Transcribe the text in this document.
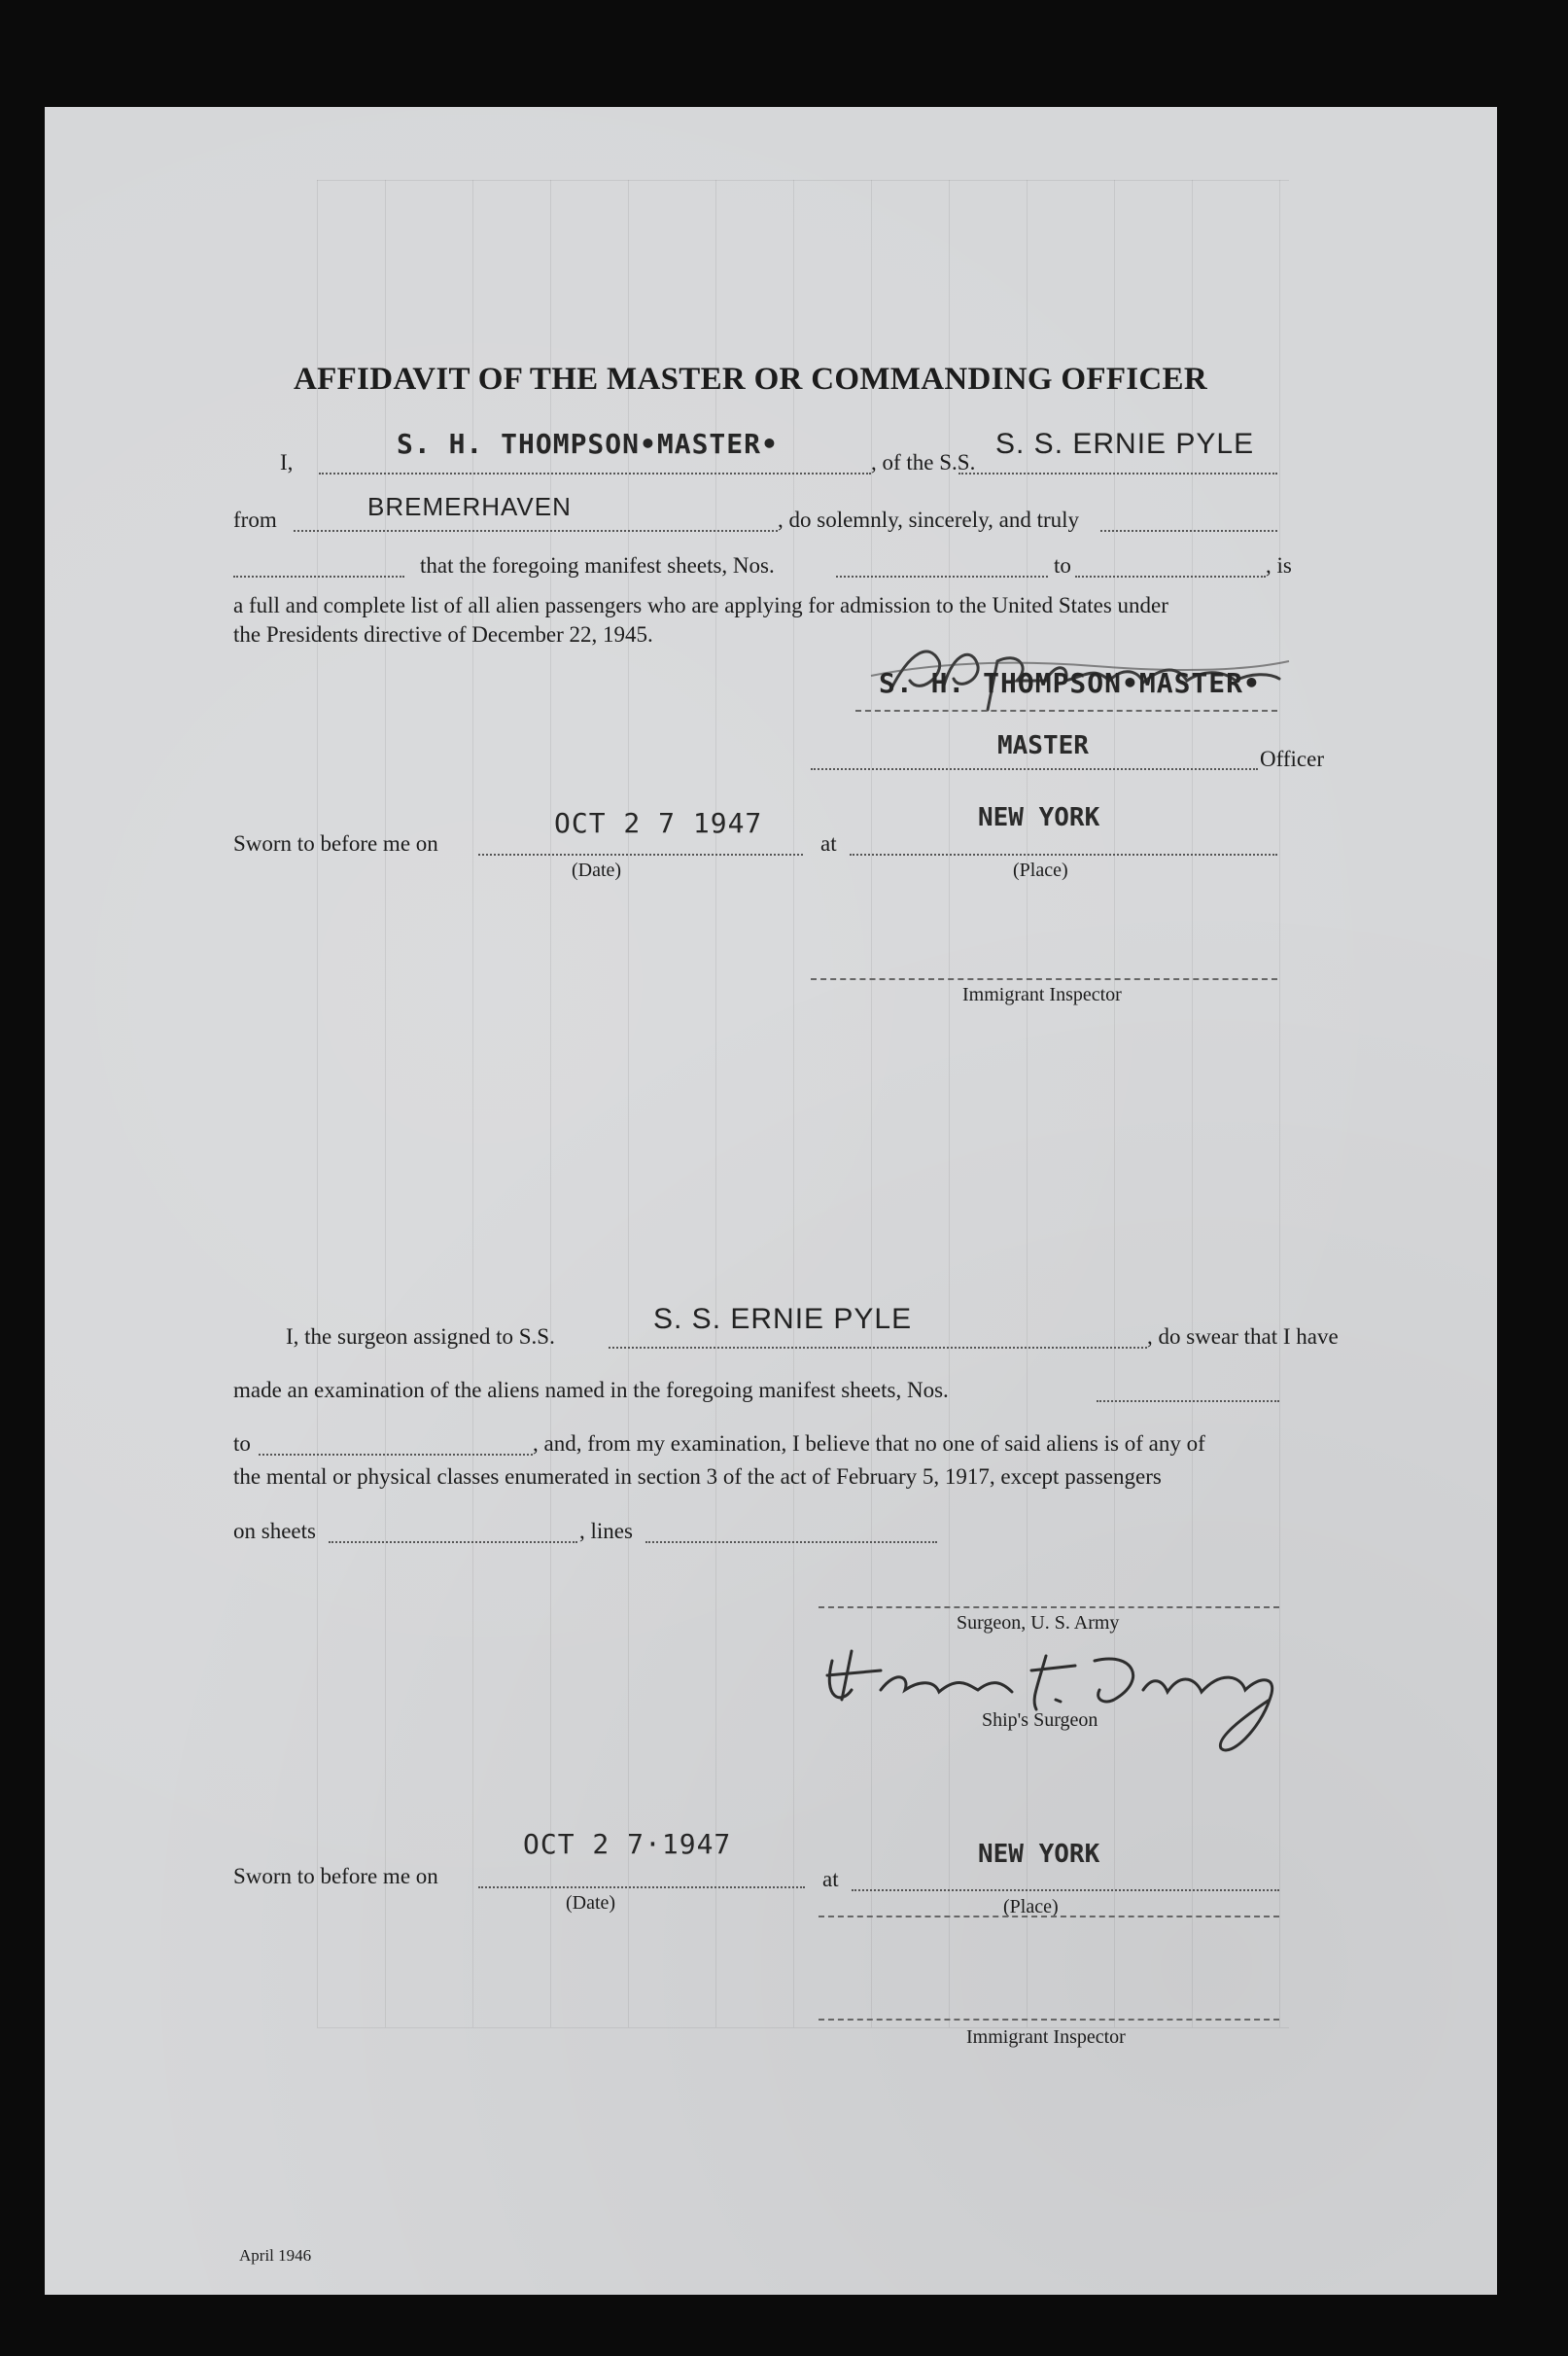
AFFIDAVIT OF THE MASTER OR COMMANDING OFFICER
I,
S. H. THOMPSON•MASTER•
, of the S.S.
S. S. ERNIE PYLE
from	BREMERHAVEN	, do solemnly, sincerely, and truly
that the foregoing manifest sheets, Nos.	to	, is
a full and complete list of all alien passengers who are applying for admission to the United States under
the Presidents directive of December 22, 1945.
S. H. THOMPSON•MASTER•
MASTER	Officer
Sworn to before me on
OCT 2 7 1947
(Date)
at
NEW YORK
(Place)
Immigrant Inspector
I, the surgeon assigned to S.S.
S. S. ERNIE PYLE
, do swear that I have
made an examination of the aliens named in the foregoing manifest sheets, Nos.
to	, and, from my examination, I believe that no one of said aliens is of any of
the mental or physical classes enumerated in section 3 of the act of February 5, 1917, except passengers
on sheets	, lines
Surgeon, U. S. Army
Ship's Surgeon
Sworn to before me on
OCT 2 7·1947
(Date)
at
NEW YORK
(Place)
Immigrant Inspector
April 1946
